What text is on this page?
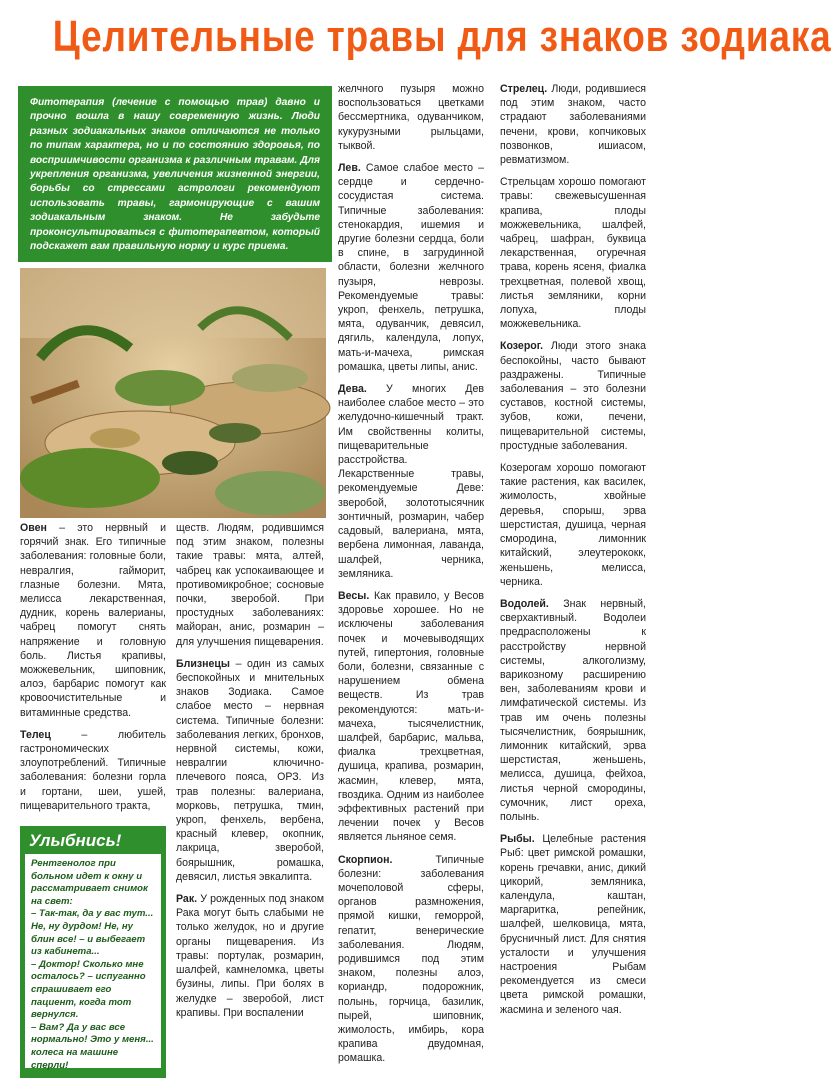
Целительные травы для знаков зодиака
Фитотерапия (лечение с помощью трав) давно и прочно вошла в нашу современную жизнь. Люди разных зодиакальных знаков отличаются не только по типам характера, но и по состоянию здоровья, по восприимчивости организма к различным травам. Для укрепления организма, увеличения жизненной энергии, борьбы со стрессами астрологи рекомендуют использовать травы, гармонирующие с вашим зодиакальным знаком. Не забудьте проконсультироваться с фитотерапевтом, который подскажет вам правильную норму и курс приема.

Овен – это нервный и горячий знак. Его типичные заболевания: головные боли, невралгия, гайморит, глазные болезни. Мята, мелисса лекарственная, дудник, корень валерианы, чабрец помогут снять напряжение и головную боль. Листья крапивы, можжевельник, шиповник, алоэ, барбарис помогут как кровоочистительные и витаминные средства.

Телец – любитель гастрономических злоупотреблений. Типичные заболевания: болезни горла и гортани, шеи, ушей, пищеварительного тракта,

Улыбнись!

Рентгенолог при больном идет к окну и рассматривает снимок на свет:

– Так-так, да у вас тут... Не, ну дурдом! Не, ну блин все! – и выбегает из кабинета...

– Доктор! Сколько мне осталось? – испуганно спрашивает его пациент, когда тот вернулся.

– Вам? Да у вас все нормально! Это у меня... колеса на машине сперли!

ществ. Людям, родившимся под этим знаком, полезны такие травы: мята, алтей, чабрец как успокаивающее и противомикробное; сосновые почки, зверобой. При простудных заболеваниях: майоран, анис, розмарин – для улучшения пищеварения.

Близнецы – один из самых беспокойных и мнительных знаков Зодиака. Самое слабое место – нервная система. Типичные болезни: заболевания легких, бронхов, нервной системы, кожи, невралгии ключично-плечевого пояса, ОРЗ. Из трав полезны: валериана, морковь, петрушка, тмин, укроп, фенхель, вербена, красный клевер, окопник, лакрица, зверобой, боярышник, ромашка, девясил, листья эвкалипта.

Рак. У рожденных под знаком Рака могут быть слабыми не только желудок, но и другие органы пищеварения. Из травы: портулак, розмарин, шалфей, камнеломка, цветы бузины, липы. При болях в желудке – зверобой, лист крапивы. При воспалении

желчного пузыря можно воспользоваться цветками бессмертника, одуванчиком, кукурузными рыльцами, тыквой.

Лев. Самое слабое место – сердце и сердечно-сосудистая система. Типичные заболевания: стенокардия, ишемия и другие болезни сердца, боли в спине, в загрудинной области, болезни желчного пузыря, неврозы. Рекомендуемые травы: укроп, фенхель, петрушка, мята, одуванчик, девясил, дягиль, календула, лопух, мать-и-мачеха, римская ромашка, цветы липы, анис.

Дева. У многих Дев наиболее слабое место – это желудочно-кишечный тракт. Им свойственны колиты, пищеварительные расстройства. Лекарственные травы, рекомендуемые Деве: зверобой, золототысячник зонтичный, розмарин, чабер садовый, валериана, мята, вербена лимонная, лаванда, шалфей, черника, земляника.

Весы. Как правило, у Весов здоровье хорошее. Но не исключены заболевания почек и мочевыводящих путей, гипертония, головные боли, болезни, связанные с нарушением обмена веществ. Из трав рекомендуются: мать-и-мачеха, тысячелистник, шалфей, барбарис, мальва, фиалка трехцветная, душица, крапива, розмарин, жасмин, клевер, мята, гвоздика. Одним из наиболее эффективных растений при лечении почек у Весов является льняное семя.

Скорпион. Типичные болезни: заболевания мочеполовой сферы, органов размножения, прямой кишки, геморрой, гепатит, венерические заболевания. Людям, родившимся под этим знаком, полезны алоэ, кориандр, подорожник, полынь, горчица, базилик, пырей, шиповник, жимолость, имбирь, кора крапива двудомная, ромашка.

Стрелец. Люди, родившиеся под этим знаком, часто страдают заболеваниями печени, крови, копчиковых позвонков, ишиасом, ревматизмом.

Стрельцам хорошо помогают травы: свежевысушенная крапива, плоды можжевельника, шалфей, чабрец, шафран, буквица лекарственная, огуречная трава, корень ясеня, фиалка трехцветная, полевой хвощ, листья земляники, корни лопуха, плоды можжевельника.

Козерог. Люди этого знака беспокойны, часто бывают раздражены. Типичные заболевания – это болезни суставов, костной системы, зубов, кожи, печени, пищеварительной системы, простудные заболевания.

Козерогам хорошо помогают такие растения, как василек, жимолость, хвойные деревья, спорыш, эрва шерстистая, душица, черная смородина, лимонник китайский, элеутерококк, женьшень, мелисса, черника.

Водолей. Знак нервный, сверхактивный. Водолеи предрасположены к расстройству нервной системы, алкоголизму, варикозному расширению вен, заболеваниям крови и лимфатической системы. Из трав им очень полезны тысячелистник, боярышник, лимонник китайский, эрва шерстистая, женьшень, мелисса, душица, фейхоа, листья черной смородины, сумочник, лист ореха, полынь.

Рыбы. Целебные растения Рыб: цвет римской ромашки, корень гречавки, анис, дикий цикорий, земляника, календула, каштан, маргаритка, репейник, шалфей, шелковица, мята, брусничный лист. Для снятия усталости и улучшения настроения Рыбам рекомендуется из смеси цвета римской ромашки, жасмина и зеленого чая.
